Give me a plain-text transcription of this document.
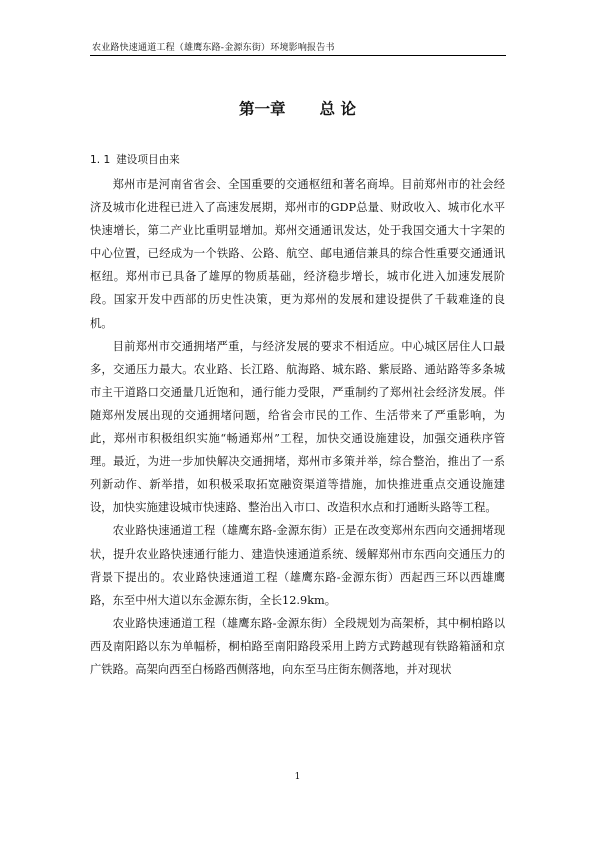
农业路快速通道工程（雄鹰东路-金源东街）环境影响报告书
第一章 总 论
1. 1 建设项目由来

郑州市是河南省省会、全国重要的交通枢纽和著名商埠。目前郑州市的社会经济及城市化进程已进入了高速发展期，郑州市的GDP总量、财政收入、城市化水平快速增长，第二产业比重明显增加。郑州交通通讯发达，处于我国交通大十字架的中心位置，已经成为一个铁路、公路、航空、邮电通信兼具的综合性重要交通通讯枢纽。郑州市已具备了雄厚的物质基础，经济稳步增长，城市化进入加速发展阶段。国家开发中西部的历史性决策，更为郑州的发展和建设提供了千载难逢的良机。

目前郑州市交通拥堵严重，与经济发展的要求不相适应。中心城区居住人口最多，交通压力最大。农业路、长江路、航海路、城东路、紫辰路、通站路等多条城市主干道路口交通量几近饱和，通行能力受限，严重制约了郑州社会经济发展。伴随郑州发展出现的交通拥堵问题，给省会市民的工作、生活带来了严重影响，为此，郑州市积极组织实施“畅通郑州”工程，加快交通设施建设，加强交通秩序管理。最近，为进一步加快解决交通拥堵，郑州市多策并举，综合整治，推出了一系列新动作、新举措，如积极采取拓宽融资渠道等措施，加快推进重点交通设施建设，加快实施建设城市快速路、整治出入市口、改造积水点和打通断头路等工程。

农业路快速通道工程（雄鹰东路-金源东街）正是在改变郑州东西向交通拥堵现状，提升农业路快速通行能力、建造快速通道系统、缓解郑州市东西向交通压力的背景下提出的。农业路快速通道工程（雄鹰东路-金源东街）西起西三环以西雄鹰路，东至中州大道以东金源东街，全长12.9km。

农业路快速通道工程（雄鹰东路-金源东街）全段规划为高架桥，其中桐柏路以西及南阳路以东为单幅桥，桐柏路至南阳路段采用上跨方式跨越现有铁路箱涵和京广铁路。高架向西至白杨路西侧落地，向东至马庄街东侧落地，并对现状

1
